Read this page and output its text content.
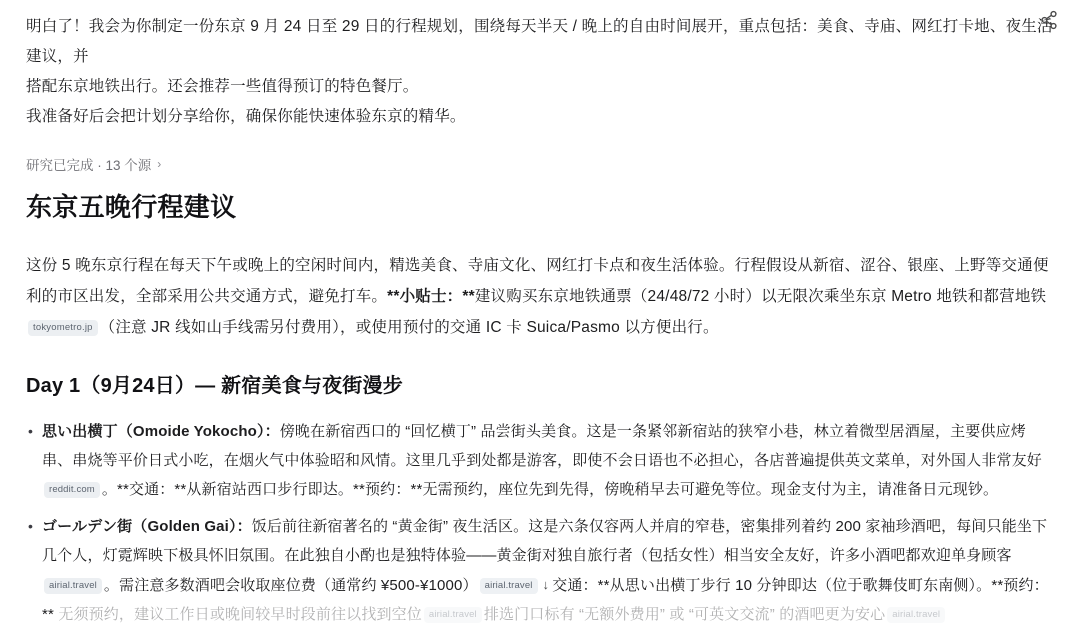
明白了！我会为你制定一份东京 9 月 24 日至 29 日的行程规划，围绕每天半天 / 晚上的自由时间展开，重点包括：美食、寺庙、网红打卡地、夜生活建议，并

搭配东京地铁出行。还会推荐一些值得预订的特色餐厅。

我准备好后会把计划分享给你，确保你能快速体验东京的精华。

研究已完成 · 13 个源 ›
东京五晚行程建议
这份 5 晚东京行程在每天下午或晚上的空闲时间内，精选美食、寺庙文化、网红打卡点和夜生活体验。行程假设从新宿、涩谷、银座、上野等交通便利的市区出发，全部采用公共交通方式，避免打车。**小贴士：**建议购买东京地铁通票（24/48/72 小时）以无限次乘坐东京 Metro 地铁和都营地铁tokyometro.jp （注意 JR 线如山手线需另付费用），或使用预付的交通 IC 卡 Suica/Pasmo 以方便出行。
Day 1（9月24日）— 新宿美食与夜街漫步
• 思い出横丁（Omoide Yokocho）：傍晚在新宿西口的 “回忆横丁” 品尝街头美食。这是一条紧邻新宿站的狭窄小巷，林立着微型居酒屋，主要供应烤串、串烧等平价日式小吃，在烟火气中体验昭和风情。这里几乎到处都是游客，即使不会日语也不必担心，各店普遍提供英文菜单，对外国人非常友好reddit.com 。**交通：**从新宿站西口步行即达。**预约：**无需预约，座位先到先得，傍晚稍早去可避免等位。现金支付为主，请准备日元现钞。
• ゴールデン街（Golden Gai）：饭后前往新宿著名的 “黄金街” 夜生活区。这是六条仅容两人并肩的窄巷，密集排列着约 200 家袖珍酒吧，每间只能坐下几个人，灯霓辉映下极具怀旧氛围。在此独自小酌也是独特体验——黄金街对独自旅行者（包括女性）相当安全友好，许多小酒吧都欢迎单身顾客airial.travel 。需注意多数酒吧会收取座位费（通常约 ¥500-¥1000） airial.travel ↓ 交通：**从思い出横丁步行 10 分钟即达（位于歌舞伎町东南侧）。**预约：** 无须预约，建议工作日或晚间较早时段前往以找到空位 airial.travel 排选门口标有 “无额外费用” 或 “可英文交流” 的酒吧更为安心 airial.travel
